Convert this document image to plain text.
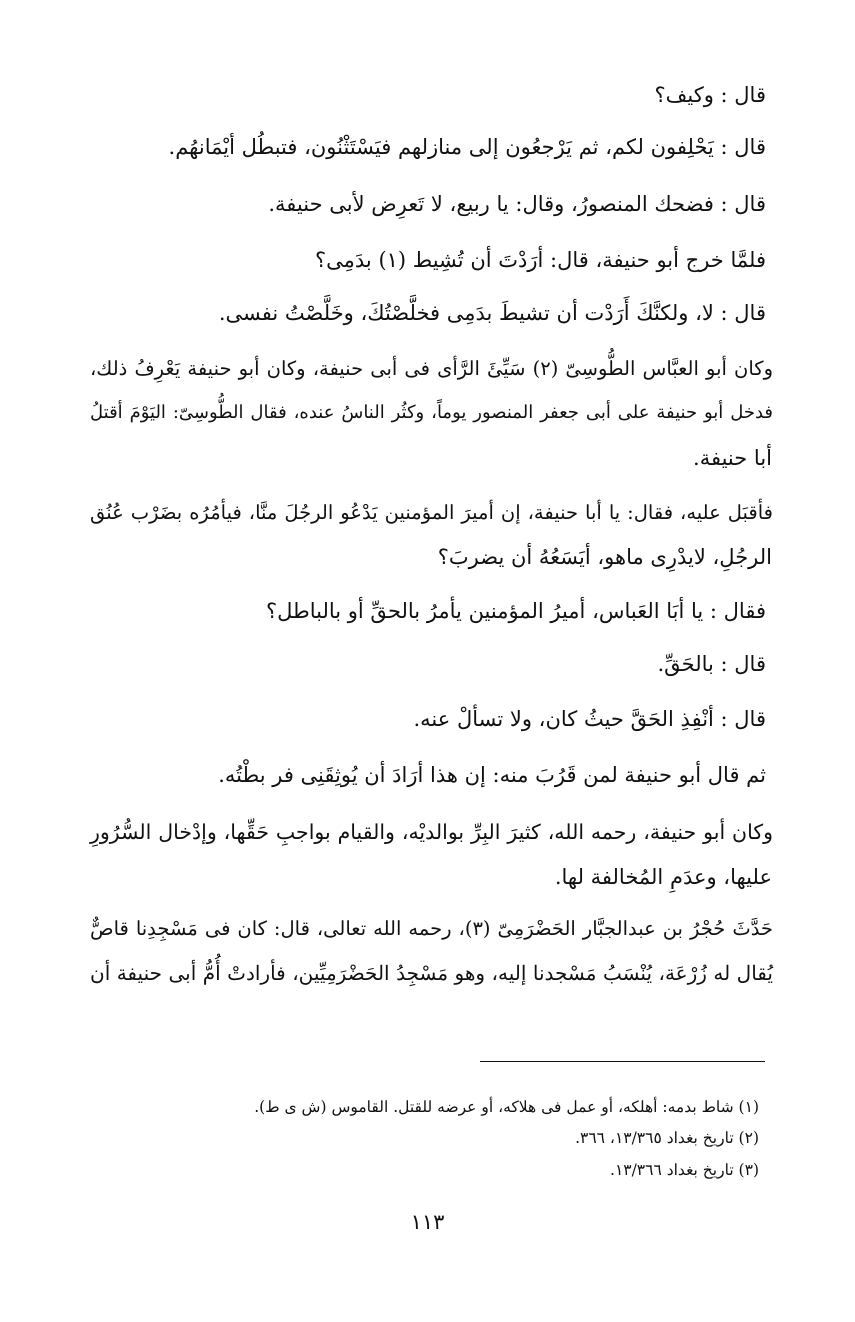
قال : وكيف؟
قال : يَحْلِفون لكم، ثم يَرْجعُون إلى منازلهم فيَسْتَثْنُون، فتبطُل أيْمَانهُم.
قال : فضحك المنصورُ، وقال: يا ربيع، لا تَعرِض لأبى حنيفة.
فلمَّا خرج أبو حنيفة، قال: أرَدْتَ أن تُشِيط (١) بدَمِى؟
قال : لا، ولكنَّكَ أَرَدْت أن تشيطَ بدَمِى فخلَّصْتُكَ، وخَلَّصْتُ نفسى.
وكان أبو العبَّاس الطُّوسِىّ (٢) سَيِّئَ الرَّأى فى أبى حنيفة، وكان أبو حنيفة يَعْرِفُ ذلك،
فدخل أبو حنيفة على أبى جعفر المنصور يوماً، وكثُر الناسُ عنده، فقال الطُّوسِىّ: اليَوْمَ أقتلُ
أبا حنيفة.
فأقبَل عليه، فقال: يا أبا حنيفة، إن أميرَ المؤمنين يَدْعُو الرجُلَ منَّا، فيأمُرُه بضَرْب عُنُق
الرجُلِ، لايدْرِى ماهو، أيَسَعُهُ أن يضربَ؟
فقال : يا أبَا العَباس، أميرُ المؤمنين يأمرُ بالحقِّ أو بالباطل؟
قال : بالحَقِّ.
قال : أنْفِذِ الحَقَّ حيثُ كان، ولا تسألْ عنه.
ثم قال أبو حنيفة لمن قَرُبَ منه: إن هذا أرَادَ أن يُوثِقَنِى فر بطْتُه.
وكان أبو حنيفة، رحمه الله، كثيرَ البِرِّ بوالديْه، والقيام بواجبِ حَقِّها، وإدْخال السُّرُورِ
عليها، وعدَمِ المُخالفة لها.
حَدَّثَ حُجْرُ بن عبدالجبَّار الحَضْرَمِىّ (٣)، رحمه الله تعالى، قال: كان فى مَسْجِدِنا قاصٌّ
يُقال له زُرْعَة، يُنْسَبُ مَسْجدنا إليه، وهو مَسْجِدُ الحَضْرَمِيِّين، فأرادتْ أُمُّ أبى حنيفة أن
(١) شاط بدمه: أهلكه، أو عمل فى هلاكه، أو عرضه للقتل. القاموس (ش ى ط).
(٢) تاريخ بغداد ١٣/٣٦٥، ٣٦٦.
(٣) تاريخ بغداد ١٣/٣٦٦.
١١٣
